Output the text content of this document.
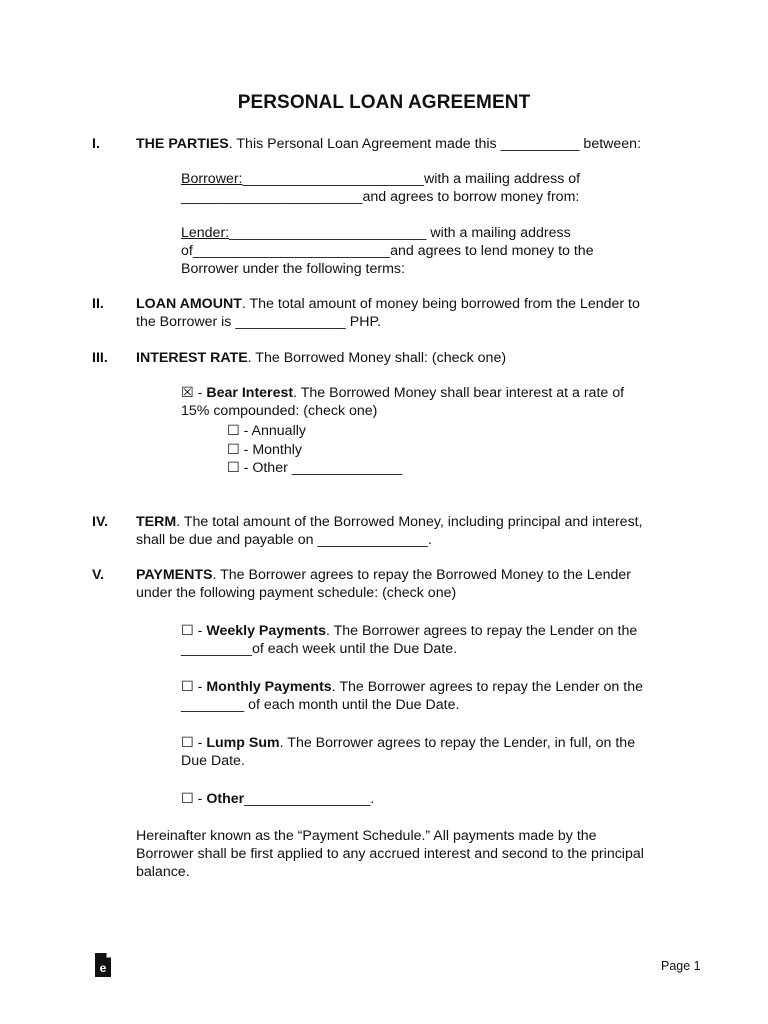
PERSONAL LOAN AGREEMENT
I.	THE PARTIES. This Personal Loan Agreement made this __________ between:
Borrower:_______________________with a mailing address of
_______________________and agrees to borrow money from:
Lender:_________________________ with a mailing address
of_________________________and agrees to lend money to the
Borrower under the following terms:
II. LOAN AMOUNT. The total amount of money being borrowed from the Lender to
the Borrower is ______________ PHP.
III. INTEREST RATE. The Borrowed Money shall: (check one)
☒ - Bear Interest. The Borrowed Money shall bear interest at a rate of
15% compounded: (check one)
☐ - Annually
☐ - Monthly
☐ - Other ______________
IV. TERM. The total amount of the Borrowed Money, including principal and interest,
shall be due and payable on ______________.
V. PAYMENTS. The Borrower agrees to repay the Borrowed Money to the Lender
under the following payment schedule: (check one)
☐ - Weekly Payments. The Borrower agrees to repay the Lender on the
_________of each week until the Due Date.
☐ - Monthly Payments. The Borrower agrees to repay the Lender on the
________ of each month until the Due Date.
☐ - Lump Sum. The Borrower agrees to repay the Lender, in full, on the
Due Date.
☐ - Other________________.
Hereinafter known as the “Payment Schedule.” All payments made by the
Borrower shall be first applied to any accrued interest and second to the principal
balance.
e	Page 1
